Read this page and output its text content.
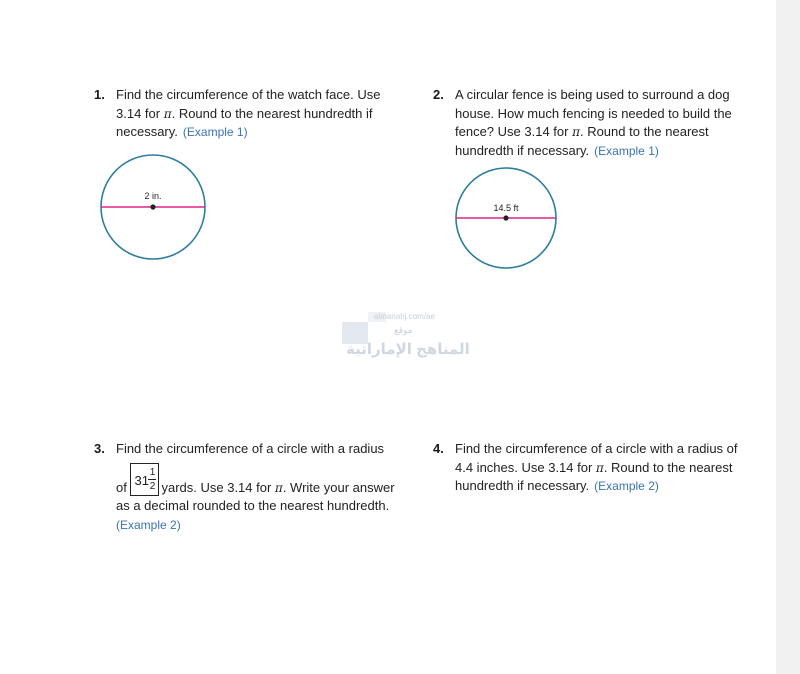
1. Find the circumference of the watch face. Use
3.14 for π. Round to the nearest hundredth if
necessary. (Example 1)
2 in.
2. A circular fence is being used to surround a dog
house. How much fencing is needed to build the
fence? Use 3.14 for π. Round to the nearest
hundredth if necessary. (Example 1)
14.5 ft
almanahj.com/ae
موقع
المناهج الإماراتية
3. Find the circumference of a circle with a radius
of 31
1
2 yards. Use 3.14 for π. Write your answer
as a decimal rounded to the nearest hundredth.
(Example 2)
4. Find the circumference of a circle with a radius of
4.4 inches. Use 3.14 for π. Round to the nearest
hundredth if necessary. (Example 2)
